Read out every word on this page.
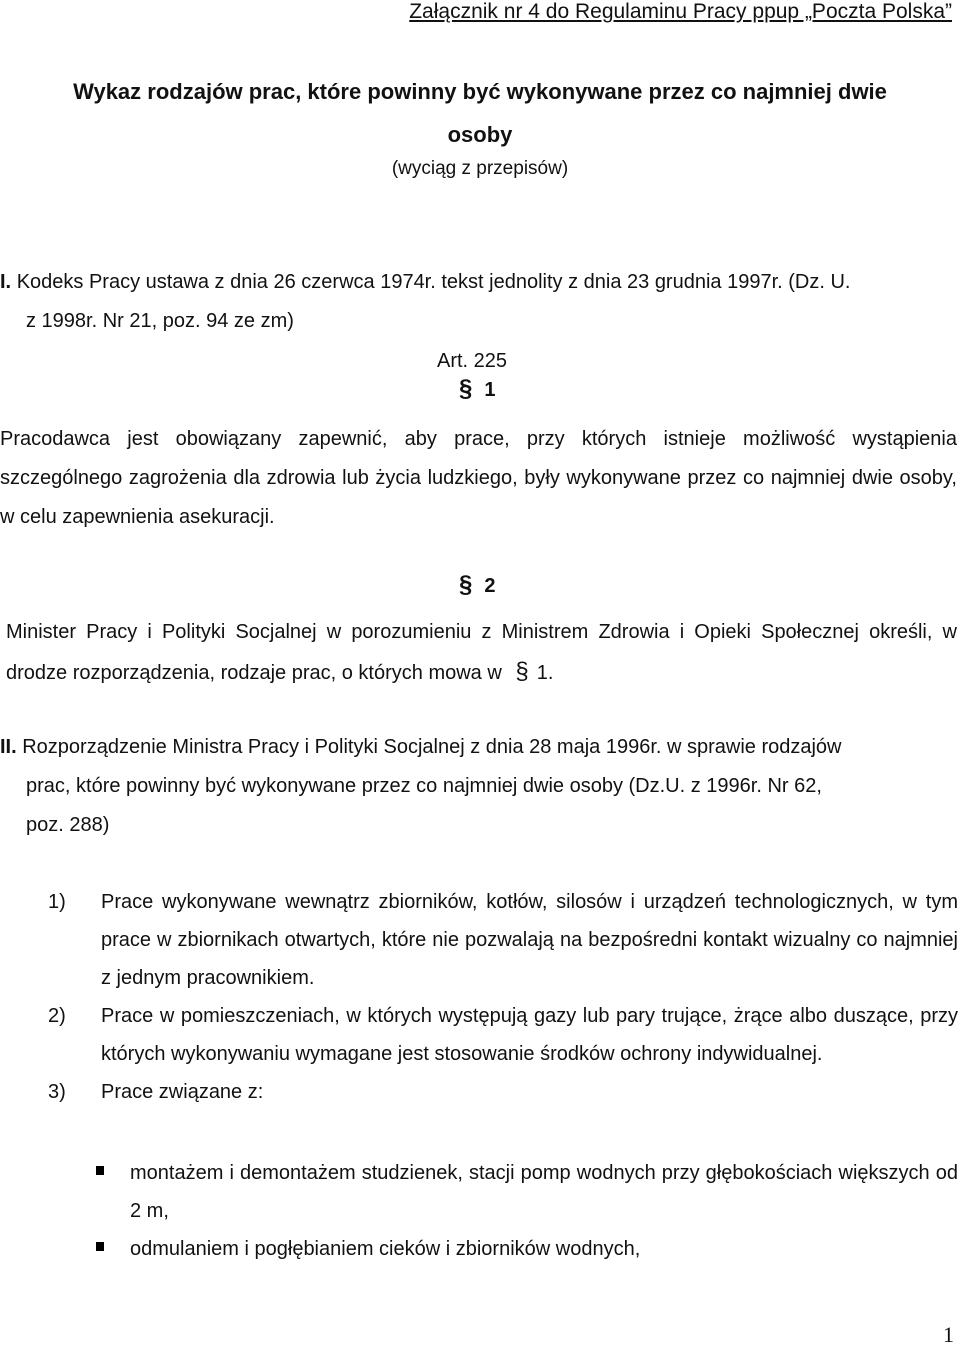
Załącznik nr 4 do Regulaminu Pracy ppup „Poczta Polska”
Wykaz rodzajów prac, które powinny być wykonywane przez co najmniej dwie
osoby
(wyciąg z przepisów)
I. Kodeks Pracy ustawa z dnia 26 czerwca 1974r. tekst jednolity z dnia 23 grudnia 1997r. (Dz. U.
z 1998r. Nr 21, poz. 94 ze zm)
Art. 225
§ 1
Pracodawca jest obowiązany zapewnić, aby prace, przy których istnieje możliwość wystąpienia szczególnego zagrożenia dla zdrowia lub życia ludzkiego, były wykonywane przez co najmniej dwie osoby, w celu zapewnienia asekuracji.
§ 2
Minister Pracy i Polityki Socjalnej w porozumieniu z Ministrem Zdrowia i Opieki Społecznej określi, w drodze rozporządzenia, rodzaje prac, o których mowa w § 1.
II. Rozporządzenie Ministra Pracy i Polityki Socjalnej z dnia 28 maja 1996r. w sprawie rodzajów
prac, które powinny być wykonywane przez co najmniej dwie osoby (Dz.U. z 1996r. Nr 62,
poz. 288)
1) Prace wykonywane wewnątrz zbiorników, kotłów, silosów i urządzeń technologicznych, w tym prace w zbiornikach otwartych, które nie pozwalają na bezpośredni kontakt wizualny co najmniej z jednym pracownikiem.
2) Prace w pomieszczeniach, w których występują gazy lub pary trujące, żrące albo duszące, przy których wykonywaniu wymagane jest stosowanie środków ochrony indywidualnej.
3) Prace związane z:
montażem i demontażem studzienek, stacji pomp wodnych przy głębokościach większych od 2 m,
odmulaniem i pogłębianiem cieków i zbiorników wodnych,
1
